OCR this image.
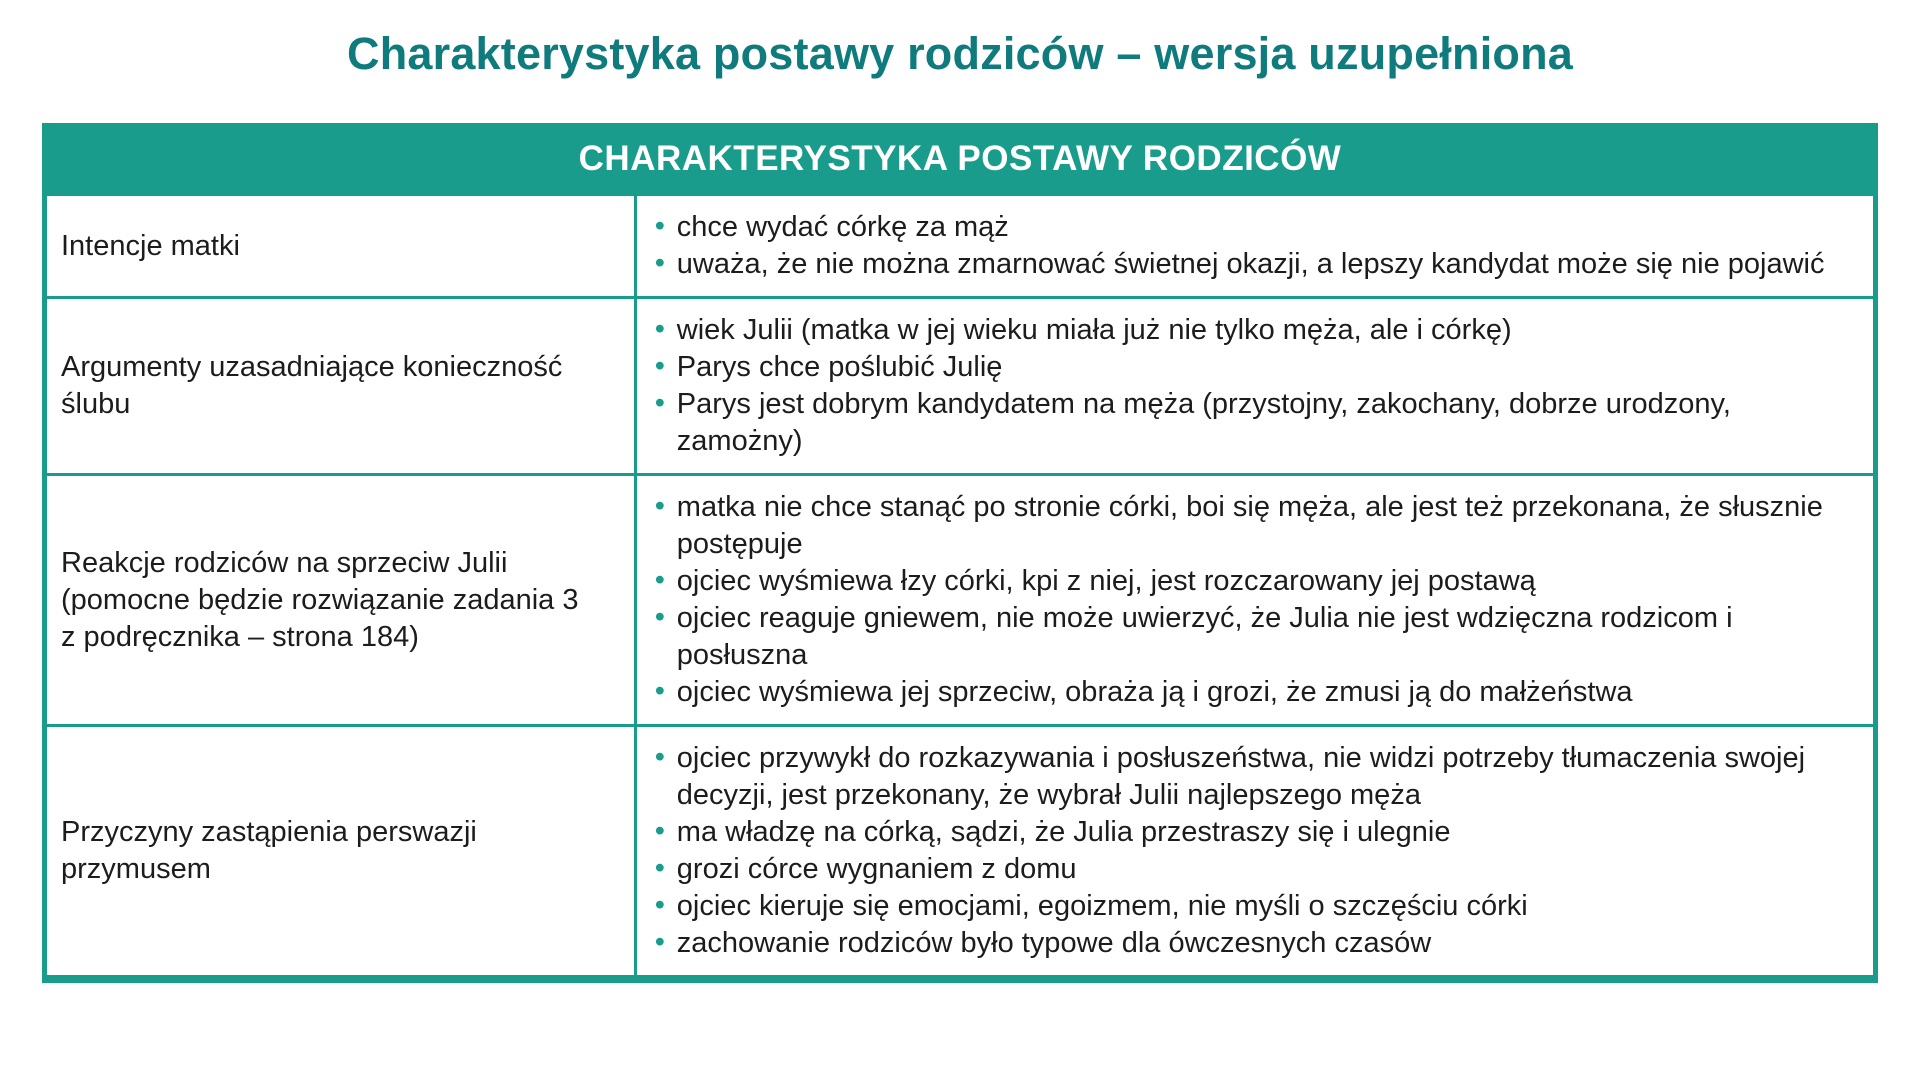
Charakterystyka postawy rodziców – wersja uzupełniona
CHARAKTERYSTYKA POSTAWY RODZICÓW
Intencje matki
• chce wydać córkę za mąż
• uważa, że nie można zmarnować świetnej okazji, a lepszy kandydat może się nie pojawić
Argumenty uzasadniające konieczność ślubu
• wiek Julii (matka w jej wieku miała już nie tylko męża, ale i córkę)
• Parys chce poślubić Julię
• Parys jest dobrym kandydatem na męża (przystojny, zakochany, dobrze urodzony, zamożny)
Reakcje rodziców na sprzeciw Julii (pomocne będzie rozwiązanie zadania 3 z podręcznika – strona 184)
• matka nie chce stanąć po stronie córki, boi się męża, ale jest też przekonana, że słusznie postępuje
• ojciec wyśmiewa łzy córki, kpi z niej, jest rozczarowany jej postawą
• ojciec reaguje gniewem, nie może uwierzyć, że Julia nie jest wdzięczna rodzicom i posłuszna
• ojciec wyśmiewa jej sprzeciw, obraża ją i grozi, że zmusi ją do małżeństwa
Przyczyny zastąpienia perswazji przymusem
• ojciec przywykł do rozkazywania i posłuszeństwa, nie widzi potrzeby tłumaczenia swojej decyzji, jest przekonany, że wybrał Julii najlepszego męża
• ma władzę na córką, sądzi, że Julia przestraszy się i ulegnie
• grozi córce wygnaniem z domu
• ojciec kieruje się emocjami, egoizmem, nie myśli o szczęściu córki
• zachowanie rodziców było typowe dla ówczesnych czasów
